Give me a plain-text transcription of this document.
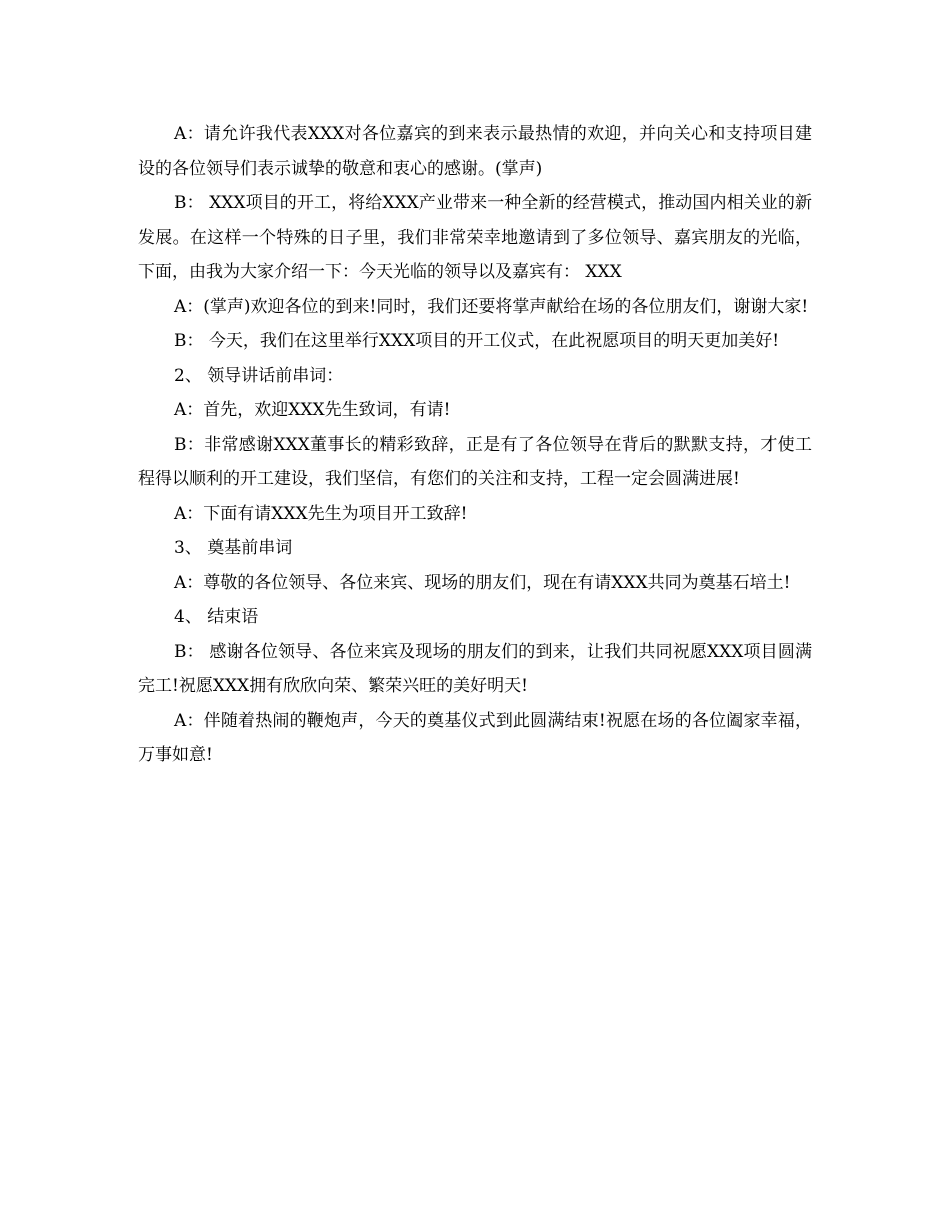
A：请允许我代表XXX对各位嘉宾的到来表示最热情的欢迎，并向关心和支持项目建设的各位领导们表示诚挚的敬意和衷心的感谢。(掌声)

B： XXX项目的开工，将给XXX产业带来一种全新的经营模式，推动国内相关业的新发展。在这样一个特殊的日子里，我们非常荣幸地邀请到了多位领导、嘉宾朋友的光临，下面，由我为大家介绍一下：今天光临的领导以及嘉宾有： XXX

A：(掌声)欢迎各位的到来!同时，我们还要将掌声献给在场的各位朋友们，谢谢大家!

B： 今天，我们在这里举行XXX项目的开工仪式，在此祝愿项目的明天更加美好!

2、 领导讲话前串词：

A：首先，欢迎XXX先生致词，有请!

B：非常感谢XXX董事长的精彩致辞，正是有了各位领导在背后的默默支持，才使工程得以顺利的开工建设，我们坚信，有您们的关注和支持，工程一定会圆满进展!

A：下面有请XXX先生为项目开工致辞!

3、 奠基前串词

A：尊敬的各位领导、各位来宾、现场的朋友们，现在有请XXX共同为奠基石培土!

4、 结束语

B： 感谢各位领导、各位来宾及现场的朋友们的到来，让我们共同祝愿XXX项目圆满完工!祝愿XXX拥有欣欣向荣、繁荣兴旺的美好明天!

A：伴随着热闹的鞭炮声，今天的奠基仪式到此圆满结束!祝愿在场的各位阖家幸福，万事如意!
